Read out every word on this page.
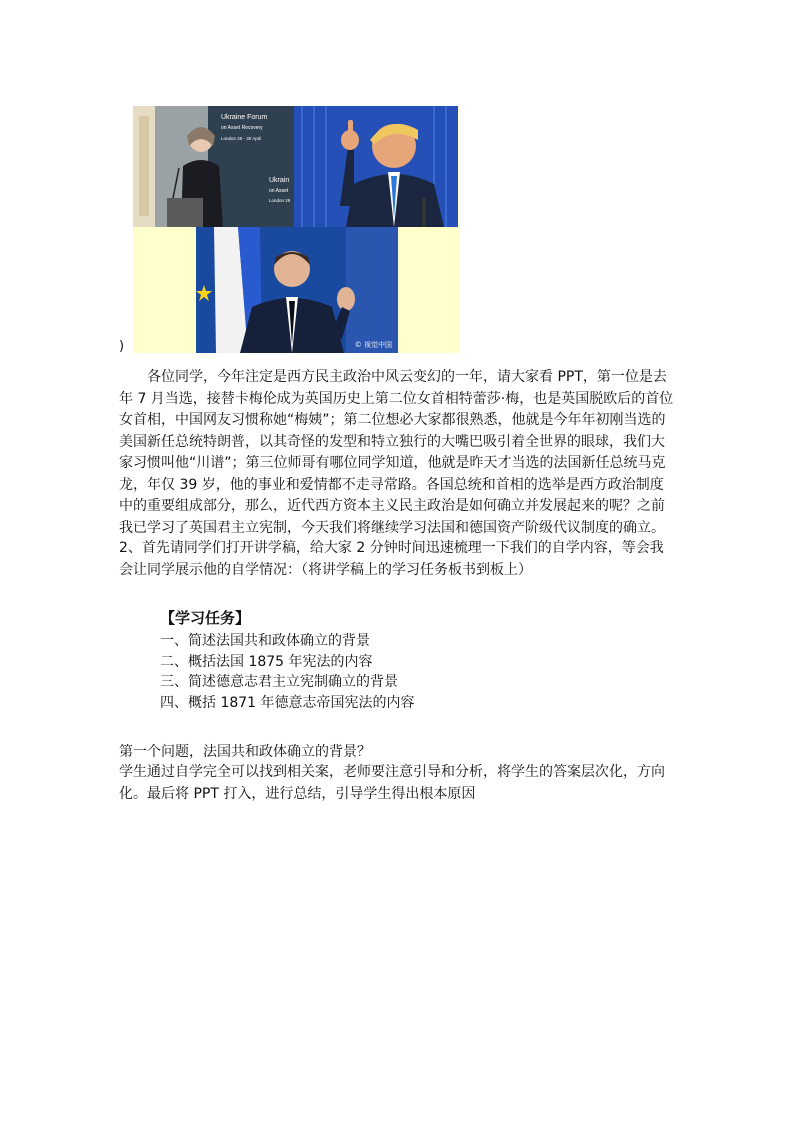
Ukraine Forum
on Asset Recovery
London 29 - 30 April
Ukrain
on Asset
London 29
© 视觉中国
)

各位同学，今年注定是西方民主政治中风云变幻的一年，请大家看 PPT，第一位是去年 7 月当选，接替卡梅伦成为英国历史上第二位女首相特蕾莎·梅，也是英国脱欧后的首位女首相，中国网友习惯称她“梅姨”；第二位想必大家都很熟悉，他就是今年年初刚当选的美国新任总统特朗普，以其奇怪的发型和特立独行的大嘴巴吸引着全世界的眼球，我们大家习惯叫他“川谱”；第三位师哥有哪位同学知道，他就是昨天才当选的法国新任总统马克龙，年仅 39 岁，他的事业和爱情都不走寻常路。各国总统和首相的选举是西方政治制度中的重要组成部分，那么，近代西方资本主义民主政治是如何确立并发展起来的呢？之前我已学习了英国君主立宪制，今天我们将继续学习法国和德国资产阶级代议制度的确立。

2、首先请同学们打开讲学稿，给大家 2 分钟时间迅速梳理一下我们的自学内容，等会我会让同学展示他的自学情况：（将讲学稿上的学习任务板书到板上）

【学习任务】
一、简述法国共和政体确立的背景
二、概括法国 1875 年宪法的内容
三、简述德意志君主立宪制确立的背景
四、概括 1871 年德意志帝国宪法的内容
第一个问题，法国共和政体确立的背景？

学生通过自学完全可以找到相关案，老师要注意引导和分析，将学生的答案层次化，方向化。最后将 PPT 打入，进行总结，引导学生得出根本原因
